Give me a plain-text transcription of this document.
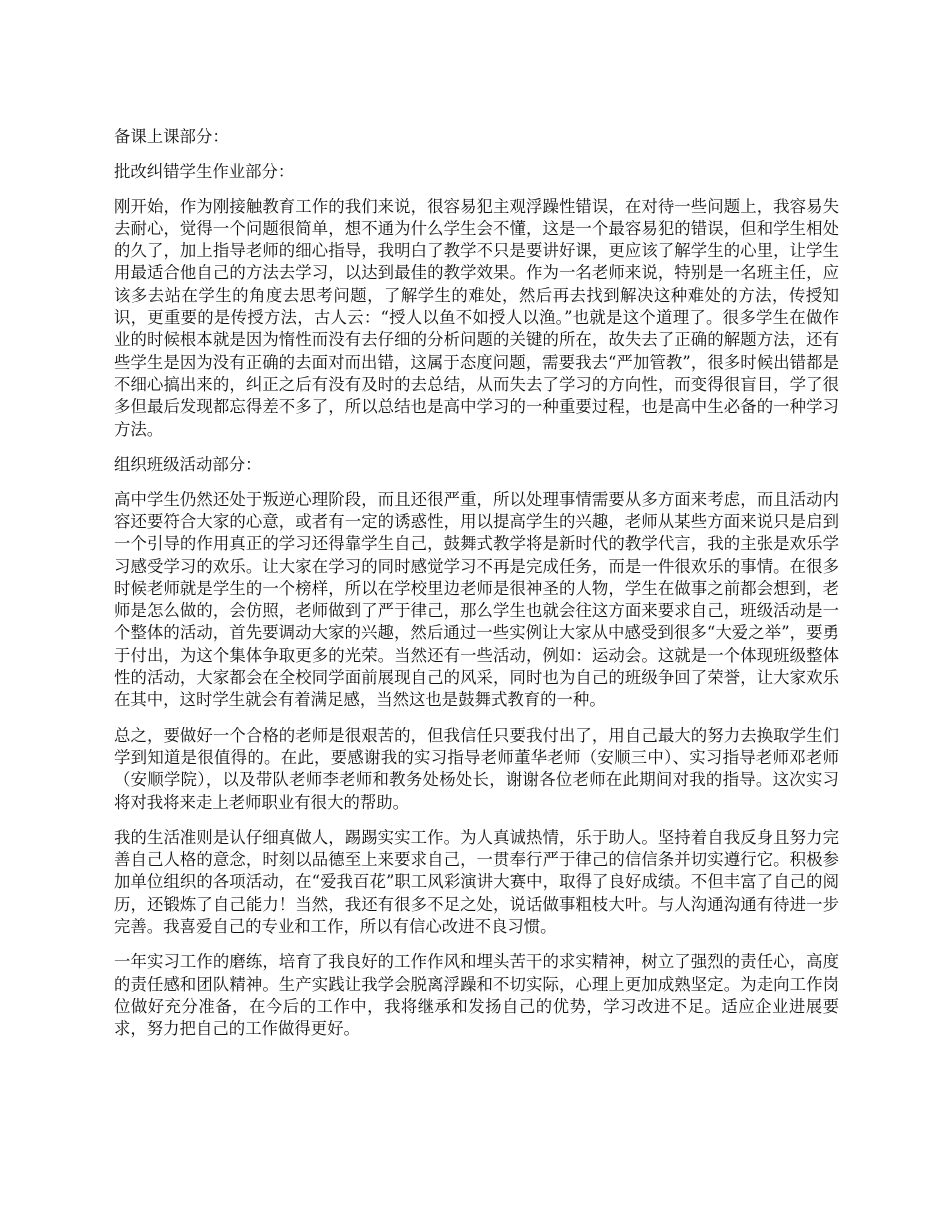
备课上课部分：

批改纠错学生作业部分：

刚开始，作为刚接触教育工作的我们来说，很容易犯主观浮躁性错误，在对待一些问题上，我容易失去耐心，觉得一个问题很简单，想不通为什么学生会不懂，这是一个最容易犯的错误，但和学生相处的久了，加上指导老师的细心指导，我明白了教学不只是要讲好课，更应该了解学生的心里，让学生用最适合他自己的方法去学习，以达到最佳的教学效果。作为一名老师来说，特别是一名班主任，应该多去站在学生的角度去思考问题，了解学生的难处，然后再去找到解决这种难处的方法，传授知识，更重要的是传授方法，古人云：“授人以鱼不如授人以渔。”也就是这个道理了。很多学生在做作业的时候根本就是因为惰性而没有去仔细的分析问题的关键的所在，故失去了正确的解题方法，还有些学生是因为没有正确的去面对而出错，这属于态度问题，需要我去“严加管教”，很多时候出错都是不细心搞出来的，纠正之后有没有及时的去总结，从而失去了学习的方向性，而变得很盲目，学了很多但最后发现都忘得差不多了，所以总结也是高中学习的一种重要过程，也是高中生必备的一种学习方法。

组织班级活动部分：

高中学生仍然还处于叛逆心理阶段，而且还很严重，所以处理事情需要从多方面来考虑，而且活动内容还要符合大家的心意，或者有一定的诱惑性，用以提高学生的兴趣，老师从某些方面来说只是启到一个引导的作用真正的学习还得靠学生自己，鼓舞式教学将是新时代的教学代言，我的主张是欢乐学习感受学习的欢乐。让大家在学习的同时感觉学习不再是完成任务，而是一件很欢乐的事情。在很多时候老师就是学生的一个榜样，所以在学校里边老师是很神圣的人物，学生在做事之前都会想到，老师是怎么做的，会仿照，老师做到了严于律己，那么学生也就会往这方面来要求自己，班级活动是一个整体的活动，首先要调动大家的兴趣，然后通过一些实例让大家从中感受到很多“大爱之举”，要勇于付出，为这个集体争取更多的光荣。当然还有一些活动，例如：运动会。这就是一个体现班级整体性的活动，大家都会在全校同学面前展现自己的风采，同时也为自己的班级争回了荣誉，让大家欢乐在其中，这时学生就会有着满足感，当然这也是鼓舞式教育的一种。

总之，要做好一个合格的老师是很艰苦的，但我信任只要我付出了，用自己最大的努力去换取学生们学到知道是很值得的。在此，要感谢我的实习指导老师董华老师（安顺三中）、实习指导老师邓老师（安顺学院），以及带队老师李老师和教务处杨处长，谢谢各位老师在此期间对我的指导。这次实习将对我将来走上老师职业有很大的帮助。

我的生活准则是认仔细真做人，踢踢实实工作。为人真诚热情，乐于助人。坚持着自我反身且努力完善自己人格的意念，时刻以品德至上来要求自己，一贯奉行严于律己的信信条并切实遵行它。积极参加单位组织的各项活动，在“爱我百花”职工风彩演讲大赛中，取得了良好成绩。不但丰富了自己的阅历，还锻炼了自己能力！当然，我还有很多不足之处，说话做事粗枝大叶。与人沟通沟通有待进一步完善。我喜爱自己的专业和工作，所以有信心改进不良习惯。

一年实习工作的磨练，培育了我良好的工作作风和埋头苦干的求实精神，树立了强烈的责任心，高度的责任感和团队精神。生产实践让我学会脱离浮躁和不切实际，心理上更加成熟坚定。为走向工作岗位做好充分准备，在今后的工作中，我将继承和发扬自己的优势，学习改进不足。适应企业进展要求，努力把自己的工作做得更好。
